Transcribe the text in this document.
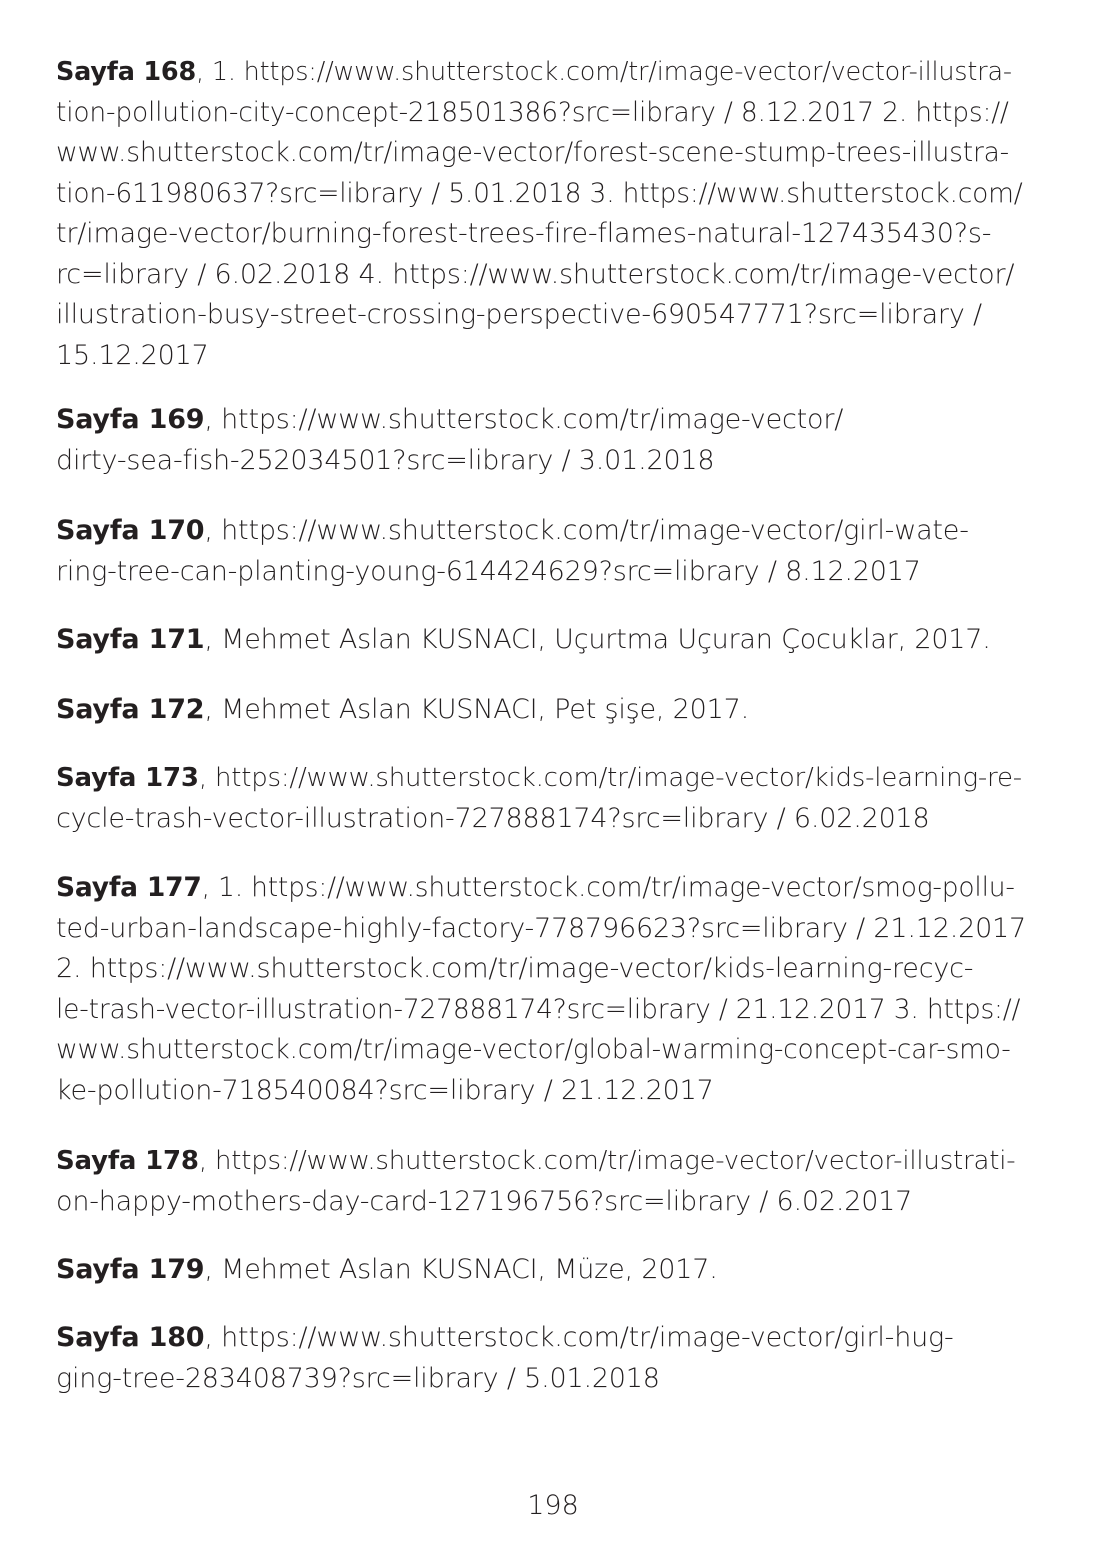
Sayfa 168, 1. https://www.shutterstock.com/tr/image-vector/vector-illustra-
tion-pollution-city-concept-218501386?src=library / 8.12.2017 2. https://
www.shutterstock.com/tr/image-vector/forest-scene-stump-trees-illustra-
tion-611980637?src=library / 5.01.2018 3. https://www.shutterstock.com/
tr/image-vector/burning-forest-trees-fire-flames-natural-127435430?s-
rc=library / 6.02.2018 4. https://www.shutterstock.com/tr/image-vector/
illustration-busy-street-crossing-perspective-690547771?src=library /
15.12.2017
Sayfa 169, https://www.shutterstock.com/tr/image-vector/
dirty-sea-fish-252034501?src=library / 3.01.2018
Sayfa 170, https://www.shutterstock.com/tr/image-vector/girl-wate-
ring-tree-can-planting-young-614424629?src=library / 8.12.2017
Sayfa 171, Mehmet Aslan KUSNACI, Uçurtma Uçuran Çocuklar, 2017.
Sayfa 172, Mehmet Aslan KUSNACI, Pet şişe, 2017.
Sayfa 173, https://www.shutterstock.com/tr/image-vector/kids-learning-re-
cycle-trash-vector-illustration-727888174?src=library / 6.02.2018
Sayfa 177, 1. https://www.shutterstock.com/tr/image-vector/smog-pollu-
ted-urban-landscape-highly-factory-778796623?src=library / 21.12.2017
2. https://www.shutterstock.com/tr/image-vector/kids-learning-recyc-
le-trash-vector-illustration-727888174?src=library / 21.12.2017 3. https://
www.shutterstock.com/tr/image-vector/global-warming-concept-car-smo-
ke-pollution-718540084?src=library / 21.12.2017
Sayfa 178, https://www.shutterstock.com/tr/image-vector/vector-illustrati-
on-happy-mothers-day-card-127196756?src=library / 6.02.2017
Sayfa 179, Mehmet Aslan KUSNACI, Müze, 2017.
Sayfa 180, https://www.shutterstock.com/tr/image-vector/girl-hug-
ging-tree-283408739?src=library / 5.01.2018
198
